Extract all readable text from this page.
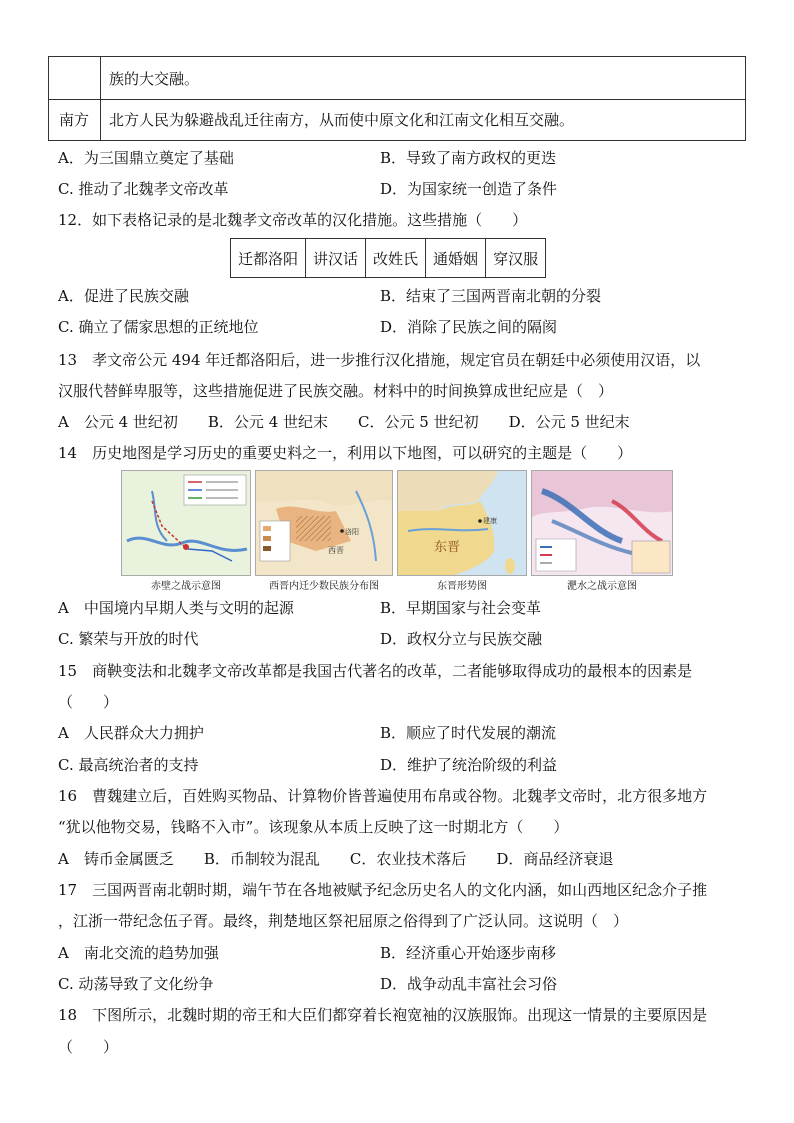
族的大交融。
南方 北方人民为躲避战乱迁往南方，从而使中原文化和江南文化相互交融。
A．为三国鼎立奠定了基础	B．导致了南方政权的更迭
C. 推动了北魏孝文帝改革	D．为国家统一创造了条件
12．如下表格记录的是北魏孝文帝改革的汉化措施。这些措施（　　）
迁都洛阳	讲汉话	改姓氏	通婚姻	穿汉服
A．促进了民族交融	B．结束了三国两晋南北朝的分裂
C. 确立了儒家思想的正统地位	D．消除了民族之间的隔阂
13　孝文帝公元 494 年迁都洛阳后，进一步推行汉化措施，规定官员在朝廷中必须使用汉语，以
汉服代替鲜卑服等，这些措施促进了民族交融。材料中的时间换算成世纪应是（　）
A　公元 4 世纪初　　B．公元 4 世纪末　　C．公元 5 世纪初　　D．公元 5 世纪末
14　历史地图是学习历史的重要史料之一，利用以下地图，可以研究的主题是（　　）
西晋
洛阳
东晋
建康
赤壁之战示意图	西晋内迁少数民族分布图	东晋形势图	淝水之战示意图
A　中国境内早期人类与文明的起源	B．早期国家与社会变革
C. 繁荣与开放的时代	D．政权分立与民族交融
15　商鞅变法和北魏孝文帝改革都是我国古代著名的改革，二者能够取得成功的最根本的因素是
（　　）
A　人民群众大力拥护	B．顺应了时代发展的潮流
C. 最高统治者的支持	D．维护了统治阶级的利益
16　曹魏建立后，百姓购买物品、计算物价皆普遍使用布帛或谷物。北魏孝文帝时，北方很多地方
“犹以他物交易，钱略不入市”。该现象从本质上反映了这一时期北方（　　）
A　铸币金属匮乏　　B．币制较为混乱　　C．农业技术落后　　D．商品经济衰退
17　三国两晋南北朝时期，端午节在各地被赋予纪念历史名人的文化内涵，如山西地区纪念介子推
，江浙一带纪念伍子胥。最终，荆楚地区祭祀屈原之俗得到了广泛认同。这说明（　）
A　南北交流的趋势加强	B．经济重心开始逐步南移
C. 动荡导致了文化纷争	D．战争动乱丰富社会习俗
18　下图所示，北魏时期的帝王和大臣们都穿着长袍宽袖的汉族服饰。出现这一情景的主要原因是
（　　）
